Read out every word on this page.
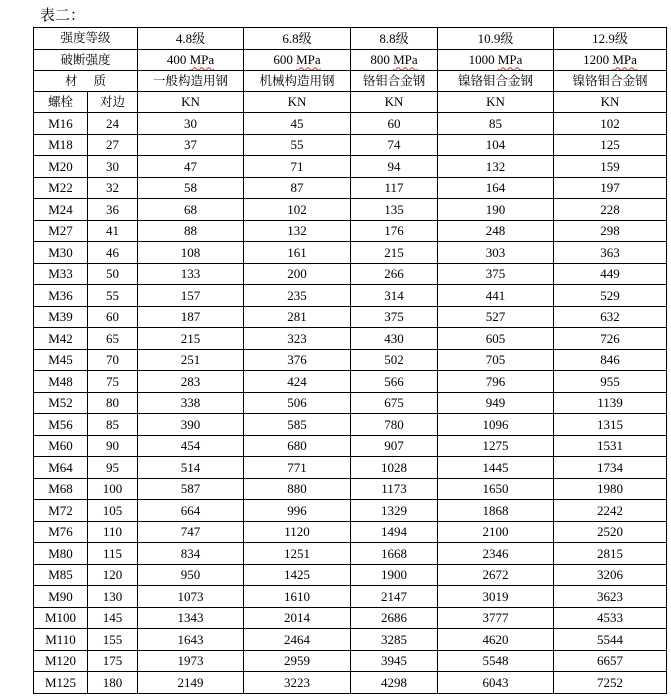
表二：
强度等级		4.8级	6.8级	8.8级	10.9级	12.9级
破断强度		400 MPa	600 MPa	800 MPa	1000 MPa	1200 MPa
材    质		一般构造用钢	机械构造用钢	铬钼合金钢	镍铬钼合金钢	镍铬钼合金钢
螺栓	对边	KN	KN	KN	KN	KN
M16	24	30	45	60	85	102
M18	27	37	55	74	104	125
M20	30	47	71	94	132	159
M22	32	58	87	117	164	197
M24	36	68	102	135	190	228
M27	41	88	132	176	248	298
M30	46	108	161	215	303	363
M33	50	133	200	266	375	449
M36	55	157	235	314	441	529
M39	60	187	281	375	527	632
M42	65	215	323	430	605	726
M45	70	251	376	502	705	846
M48	75	283	424	566	796	955
M52	80	338	506	675	949	1139
M56	85	390	585	780	1096	1315
M60	90	454	680	907	1275	1531
M64	95	514	771	1028	1445	1734
M68	100	587	880	1173	1650	1980
M72	105	664	996	1329	1868	2242
M76	110	747	1120	1494	2100	2520
M80	115	834	1251	1668	2346	2815
M85	120	950	1425	1900	2672	3206
M90	130	1073	1610	2147	3019	3623
M100	145	1343	2014	2686	3777	4533
M110	155	1643	2464	3285	4620	5544
M120	175	1973	2959	3945	5548	6657
M125	180	2149	3223	4298	6043	7252
